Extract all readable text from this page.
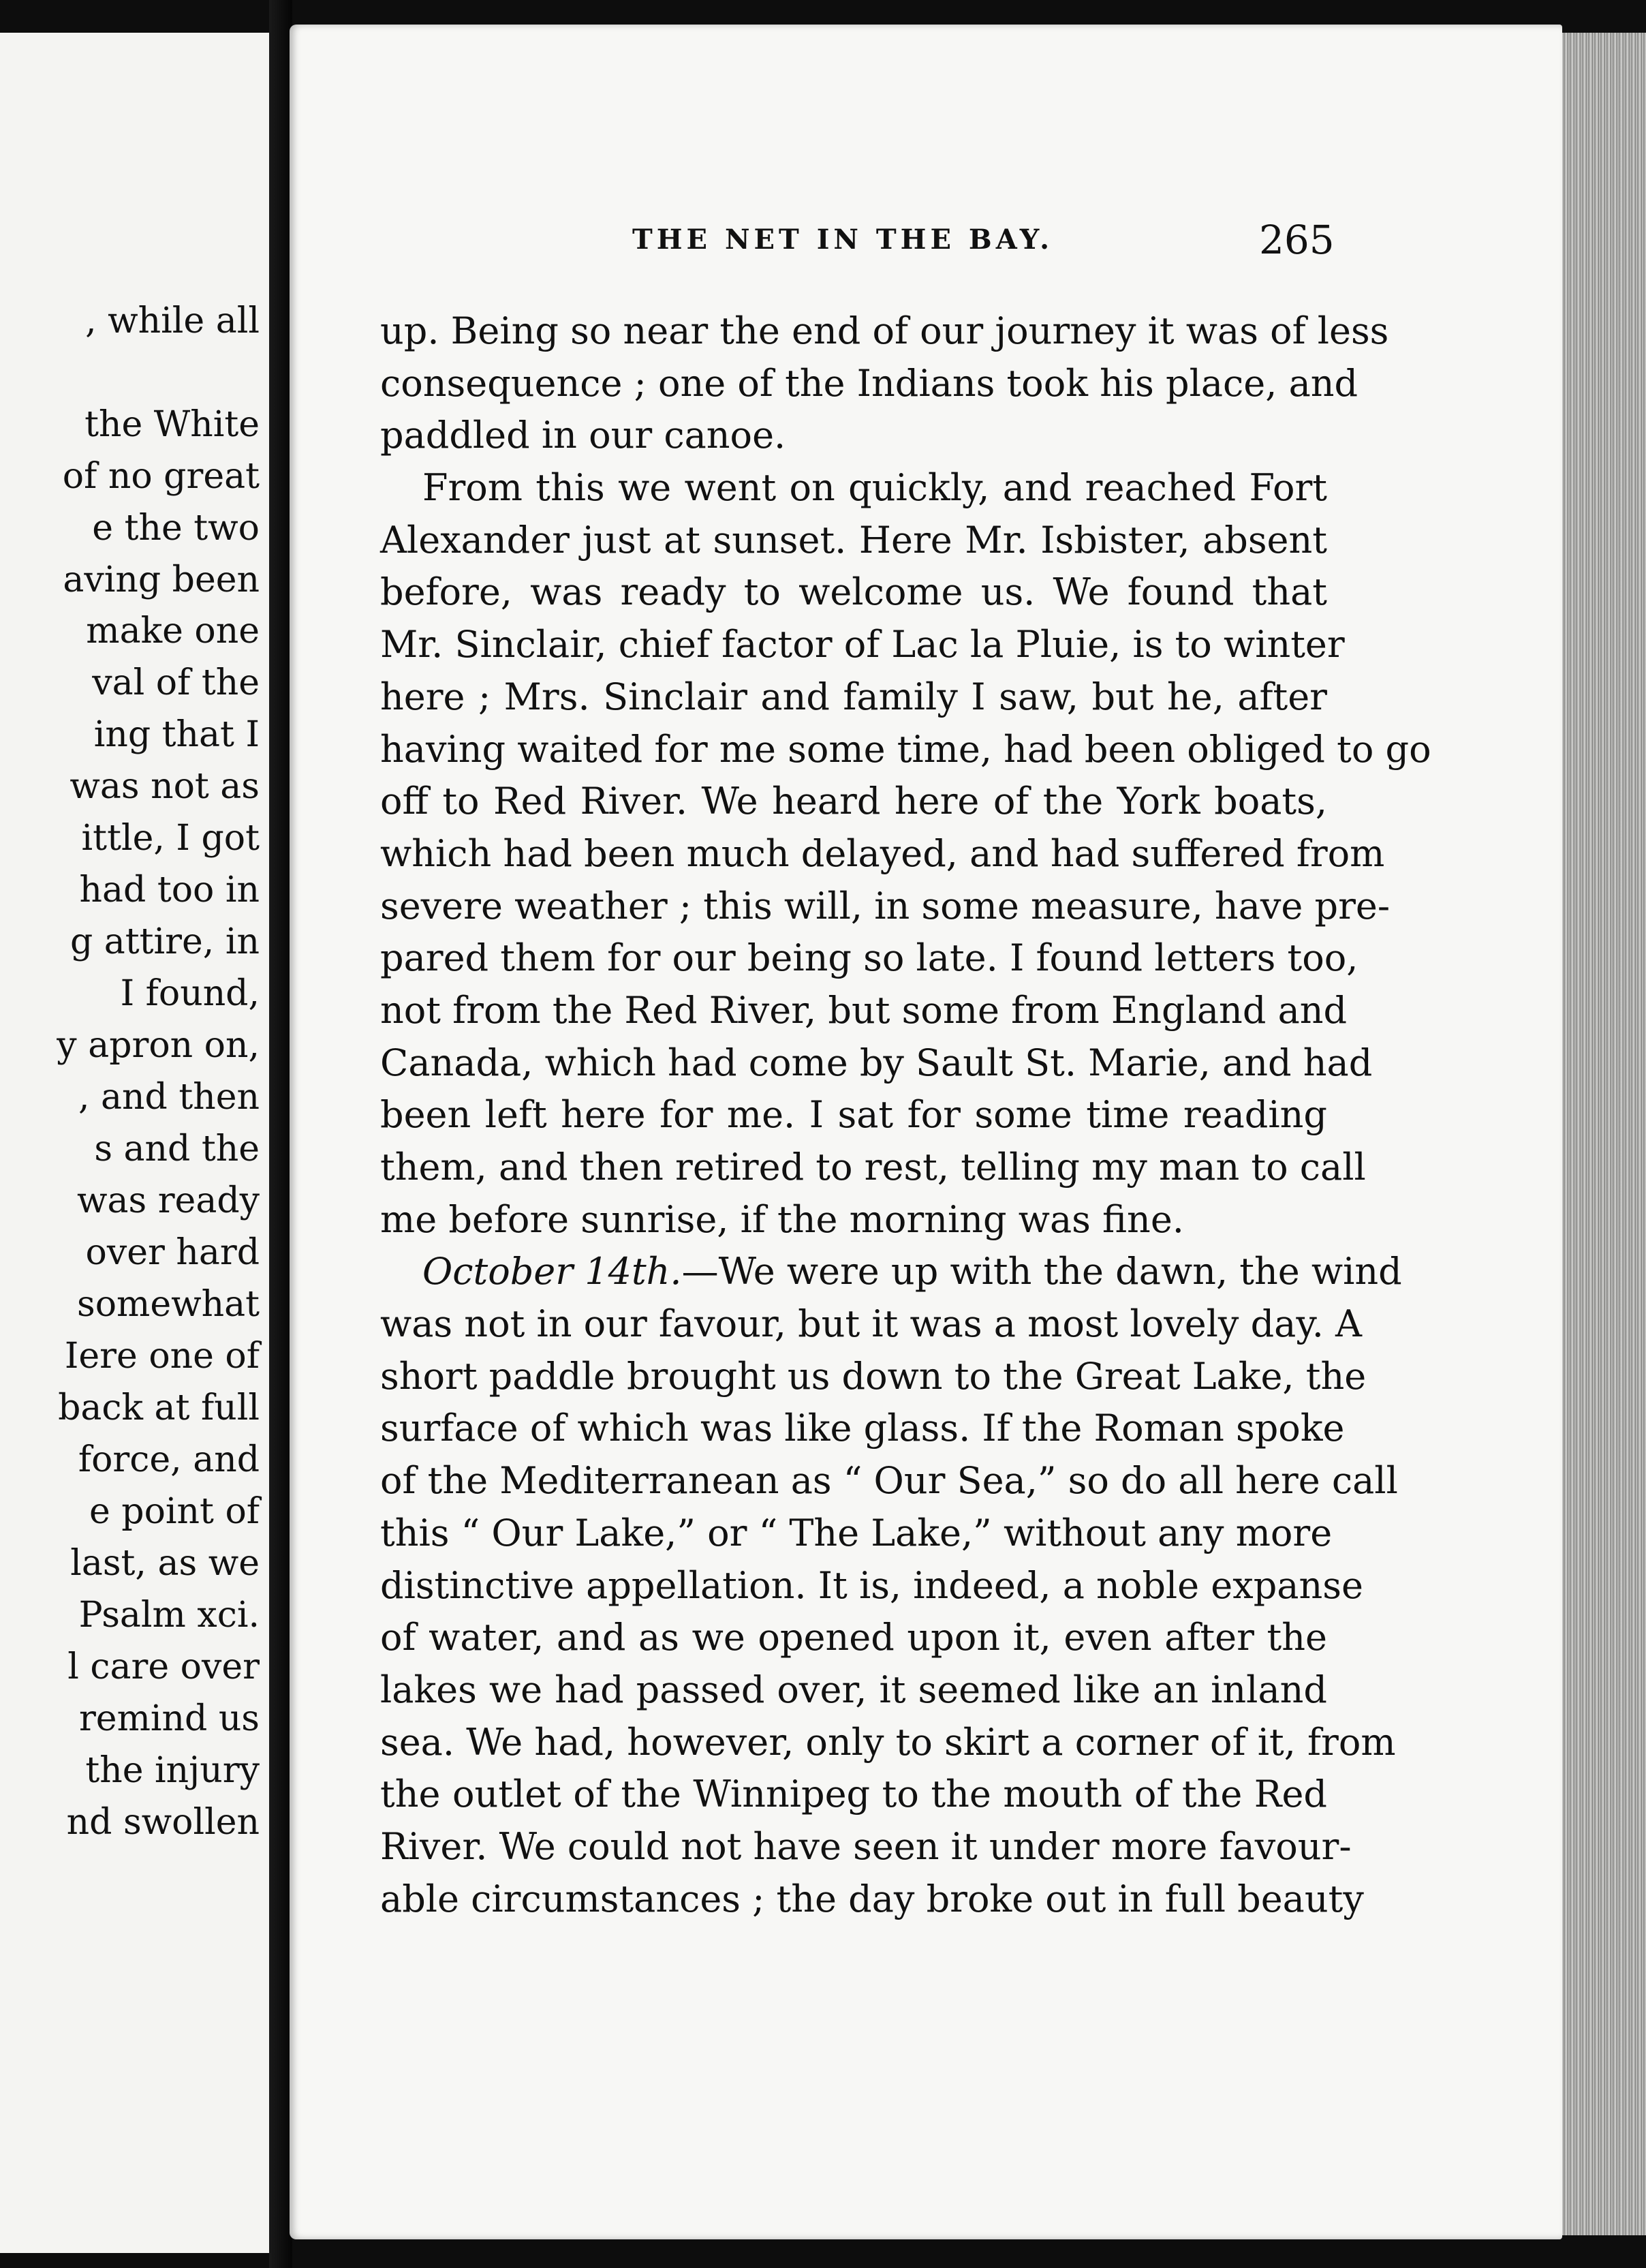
, while all
the White
of no great
e the two
aving been
make one
val of the
ing that I
was not as
ittle, I got
had too in
g attire, in
I found,
y apron on,
, and then
s and the
was ready
over hard
somewhat
Iere one of
back at full
force, and
e point of
last, as we
Psalm xci.
l care over
remind us
the injury
nd swollen
THE NET IN THE BAY.	265
up. Being so near the end of our journey it was of less
consequence ; one of the Indians took his place, and
paddled in our canoe.
From this we went on quickly, and reached Fort
Alexander just at sunset. Here Mr. Isbister, absent
before, was ready to welcome us. We found that
Mr. Sinclair, chief factor of Lac la Pluie, is to winter
here ; Mrs. Sinclair and family I saw, but he, after
having waited for me some time, had been obliged to go
off to Red River. We heard here of the York boats,
which had been much delayed, and had suffered from
severe weather ; this will, in some measure, have pre-
pared them for our being so late. I found letters too,
not from the Red River, but some from England and
Canada, which had come by Sault St. Marie, and had
been left here for me. I sat for some time reading
them, and then retired to rest, telling my man to call
me before sunrise, if the morning was fine.
October 14th.—We were up with the dawn, the wind
was not in our favour, but it was a most lovely day. A
short paddle brought us down to the Great Lake, the
surface of which was like glass. If the Roman spoke
of the Mediterranean as “ Our Sea,” so do all here call
this “ Our Lake,” or “ The Lake,” without any more
distinctive appellation. It is, indeed, a noble expanse
of water, and as we opened upon it, even after the
lakes we had passed over, it seemed like an inland
sea. We had, however, only to skirt a corner of it, from
the outlet of the Winnipeg to the mouth of the Red
River. We could not have seen it under more favour-
able circumstances ; the day broke out in full beauty
